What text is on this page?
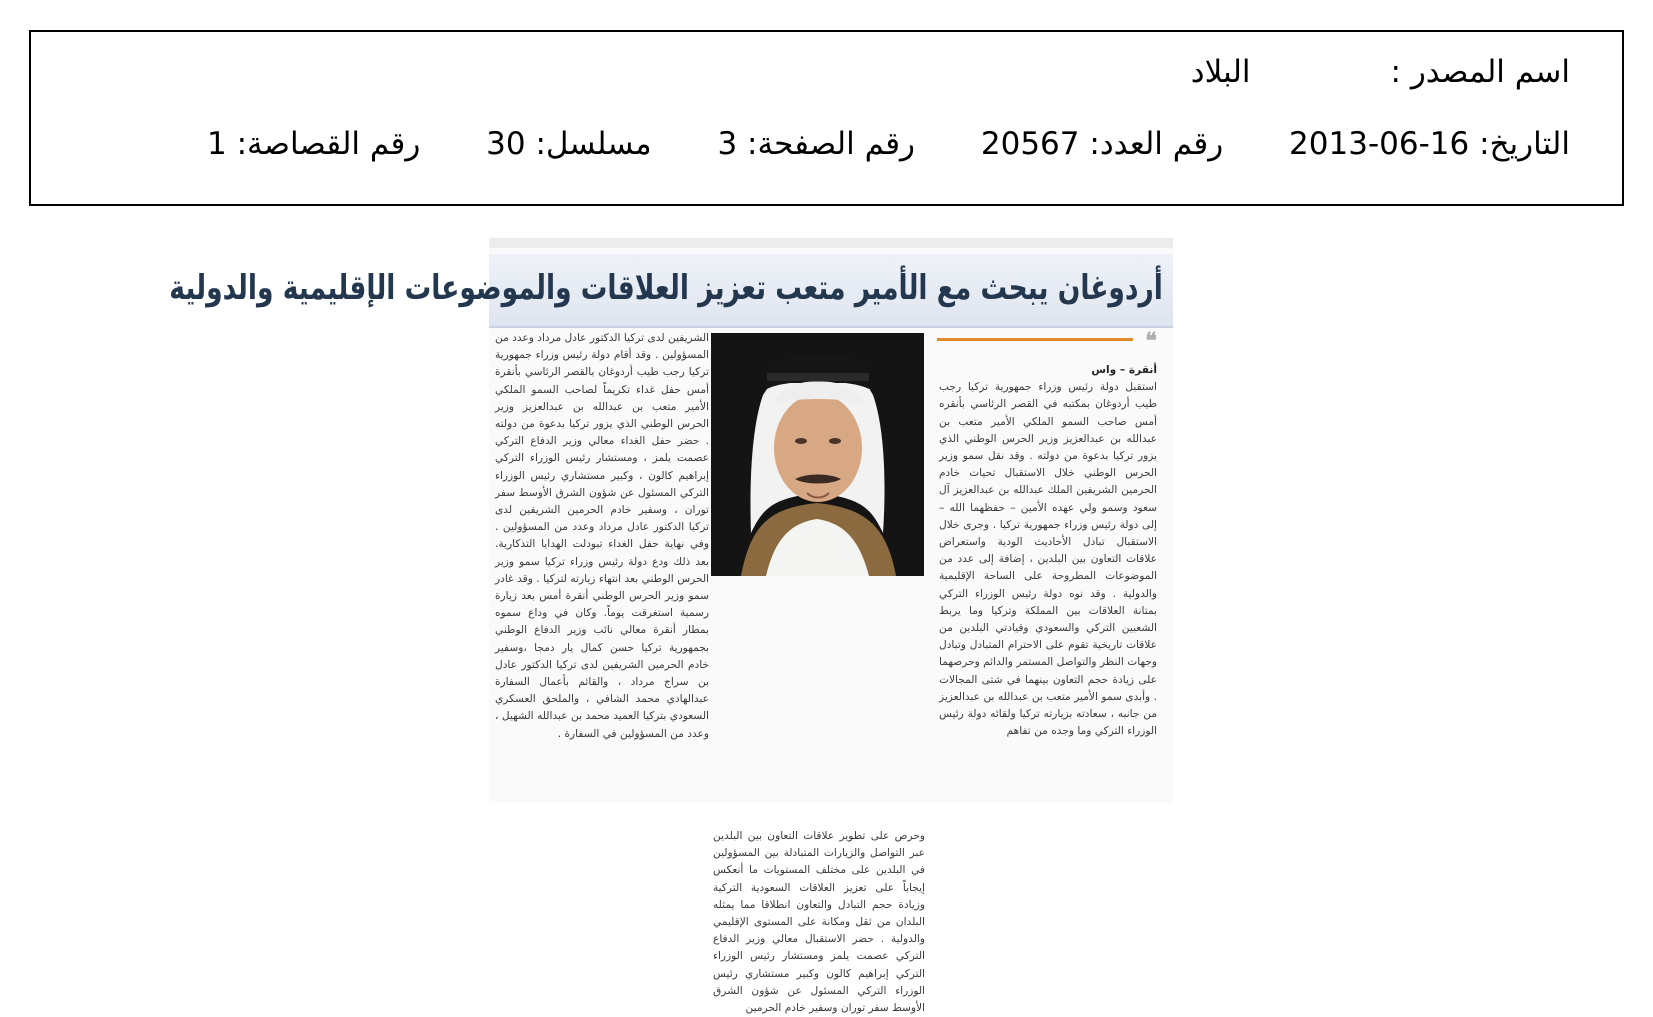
اسم المصدر :البلاد
التاريخ: 2013-06-16 رقم العدد: 20567 رقم الصفحة: 3 مسلسل: 30 رقم القصاصة: 1
أردوغان يبحث مع الأمير متعب تعزيز العلاقات والموضوعات الإقليمية والدولية
❝

أنقرة – واس

استقبل دولة رئيس وزراء جمهورية تركيا رجب طيب أردوغان بمكتبه في القصر الرئاسي بأنقره أمس صاحب السمو الملكي الأمير متعب بن عبدالله بن عبدالعزيز وزير الحرس الوطني الذي يزور تركيا بدعوة من دولته . وقد نقل سمو وزير الحرس الوطني خلال الاستقبال تحيات خادم الحرمين الشريفين الملك عبدالله بن عبدالعزيز آل سعود وسمو ولي عهده الأمين – حفظهما الله – إلى دولة رئيس وزراء جمهورية تركيا . وجرى خلال الاستقبال تبادل الأحاديث الودية واستعراض علاقات التعاون بين البلدين ، إضافة إلى عدد من الموضوعات المطروحة على الساحة الإقليمية والدولية . وقد نوه دولة رئيس الوزراء التركي بمتانة العلاقات بين المملكة وتركيا وما يربط الشعبين التركي والسعودي وقيادتي البلدين من علاقات تاريخية تقوم على الاحترام المتبادل وتبادل وجهات النظر والتواصل المستمر والدائم وحرصهما على زيادة حجم التعاون بينهما في شتى المجالات . وأبدى سمو الأمير متعب بن عبدالله بن عبدالعزيز من جانبه ، سعادته بزيارته تركيا ولقائه دولة رئيس الوزراء التركي وما وجده من تفاهم

وحرص على تطوير علاقات التعاون بين البلدين عبر التواصل والزيارات المتبادلة بين المسؤولين في البلدين على مختلف المستويات ما أنعكس إيجاباً على تعزيز العلاقات السعودية التركية وزيادة حجم التبادل والتعاون انطلاقا مما يمثله البلدان من ثقل ومكانة على المستوى الإقليمي والدولية . حضر الاستقبال معالي وزير الدفاع التركي عصمت يلمز ومستشار رئيس الوزراء التركي إبراهيم كالون وكبير مستشاري رئيس الوزراء التركي المسئول عن شؤون الشرق الأوسط سفر توران وسفير خادم الحرمين

الشريفين لدى تركيا الدكتور عادل مرداد وعدد من المسؤولين . وقد أقام دولة رئيس وزراء جمهورية تركيا رجب طيب أردوغان بالقصر الرئاسي بأنقرة أمس حفل غداء تكريماً لصاحب السمو الملكي الأمير متعب بن عبدالله بن عبدالعزيز وزير الحرس الوطني الذي يزور تركيا بدعوة من دولته . حضر حفل الغداء معالي وزير الدفاع التركي عصمت يلمز ، ومستشار رئيس الوزراء التركي إبراهيم كالون ، وكبير مستشاري رئيس الوزراء التركي المسئول عن شؤون الشرق الأوسط سفر توران ، وسفير خادم الحرمين الشريفين لدى تركيا الدكتور عادل مرداد وعدد من المسؤولين . وفي نهاية حفل الغداء تبودلت الهدايا التذكارية. بعد ذلك ودع دولة رئيس وزراء تركيا سمو وزير الحرس الوطني بعد انتهاء زيارته لتركيا . وقد غادر سمو وزير الحرس الوطني أنقرة أمس بعد زيارة رسمية استغرقت يوماً. وكان في وداع سموه بمطار أنقرة معالي نائب وزير الدفاع الوطني بجمهورية تركيا حسن كمال يار دمجا ،وسفير خادم الحرمين الشريفين لدى تركيا الدكتور عادل بن سراج مرداد ، والقائم بأعمال السفارة عبدالهادي محمد الشافي ، والملحق العسكري السعودي بتركيا العميد محمد بن عبدالله الشهيل ، وعدد من المسؤولين في السفارة .
